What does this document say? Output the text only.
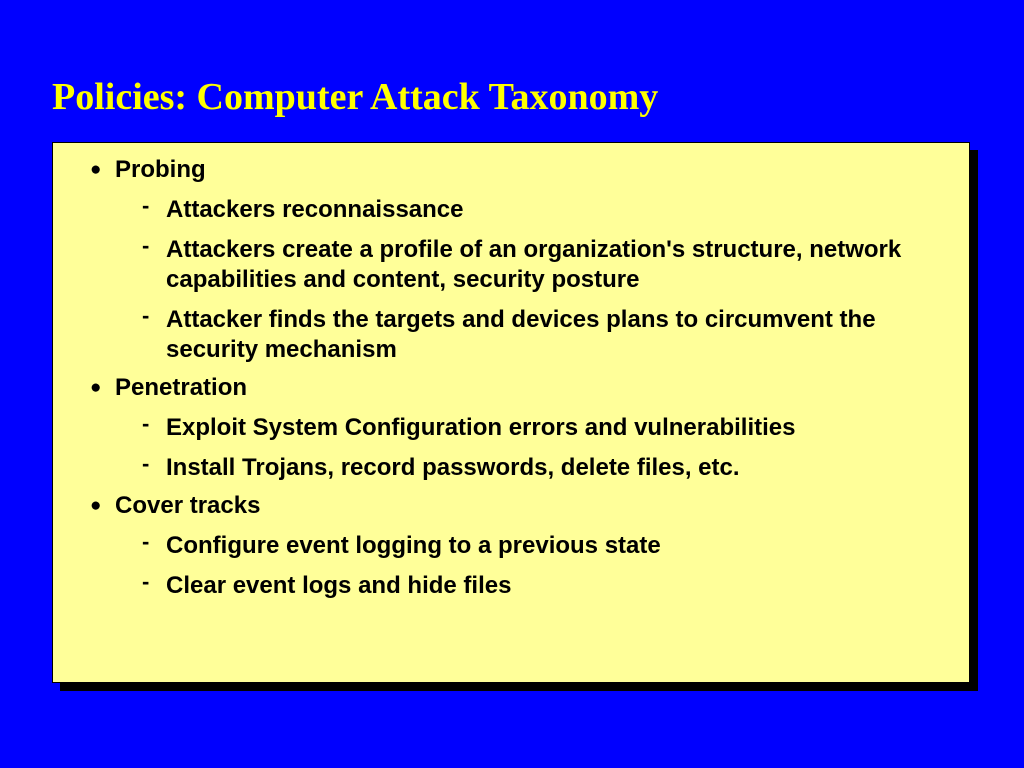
Policies: Computer Attack Taxonomy
● Probing
- Attackers reconnaissance
- Attackers create a profile of an organization's structure, network capabilities and content, security posture
- Attacker finds the targets and devices plans to circumvent the security mechanism
● Penetration
- Exploit System Configuration errors and vulnerabilities
- Install Trojans, record passwords, delete files, etc.
● Cover tracks
- Configure event logging to a previous state
- Clear event logs and hide files
